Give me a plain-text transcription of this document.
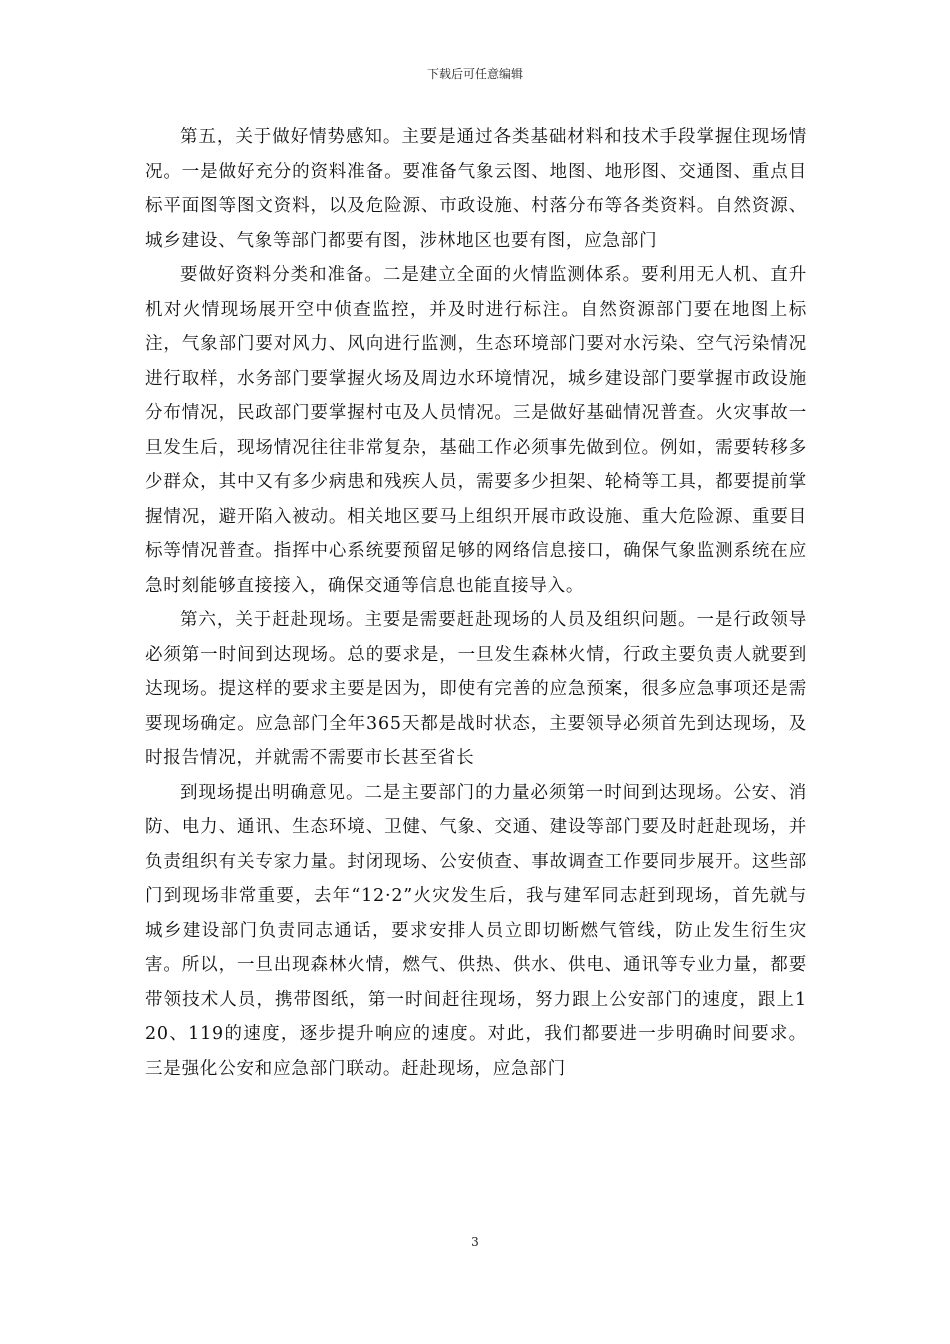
下载后可任意编辑

第五，关于做好情势感知。主要是通过各类基础材料和技术手段掌握住现场情况。一是做好充分的资料准备。要准备气象云图、地图、地形图、交通图、重点目标平面图等图文资料，以及危险源、市政设施、村落分布等各类资料。自然资源、城乡建设、气象等部门都要有图，涉林地区也要有图，应急部门

要做好资料分类和准备。二是建立全面的火情监测体系。要利用无人机、直升机对火情现场展开空中侦查监控，并及时进行标注。自然资源部门要在地图上标注，气象部门要对风力、风向进行监测，生态环境部门要对水污染、空气污染情况进行取样，水务部门要掌握火场及周边水环境情况，城乡建设部门要掌握市政设施分布情况，民政部门要掌握村屯及人员情况。三是做好基础情况普查。火灾事故一旦发生后，现场情况往往非常复杂，基础工作必须事先做到位。例如，需要转移多少群众，其中又有多少病患和残疾人员，需要多少担架、轮椅等工具，都要提前掌握情况，避开陷入被动。相关地区要马上组织开展市政设施、重大危险源、重要目标等情况普查。指挥中心系统要预留足够的网络信息接口，确保气象监测系统在应急时刻能够直接接入，确保交通等信息也能直接导入。

第六，关于赶赴现场。主要是需要赶赴现场的人员及组织问题。一是行政领导必须第一时间到达现场。总的要求是，一旦发生森林火情，行政主要负责人就要到达现场。提这样的要求主要是因为，即使有完善的应急预案，很多应急事项还是需要现场确定。应急部门全年365天都是战时状态，主要领导必须首先到达现场，及时报告情况，并就需不需要市长甚至省长

到现场提出明确意见。二是主要部门的力量必须第一时间到达现场。公安、消防、电力、通讯、生态环境、卫健、气象、交通、建设等部门要及时赶赴现场，并负责组织有关专家力量。封闭现场、公安侦查、事故调查工作要同步展开。这些部门到现场非常重要，去年“12·2”火灾发生后，我与建军同志赶到现场，首先就与城乡建设部门负责同志通话，要求安排人员立即切断燃气管线，防止发生衍生灾害。所以，一旦出现森林火情，燃气、供热、供水、供电、通讯等专业力量，都要带领技术人员，携带图纸，第一时间赶往现场，努力跟上公安部门的速度，跟上120、119的速度，逐步提升响应的速度。对此，我们都要进一步明确时间要求。三是强化公安和应急部门联动。赶赴现场，应急部门

3
